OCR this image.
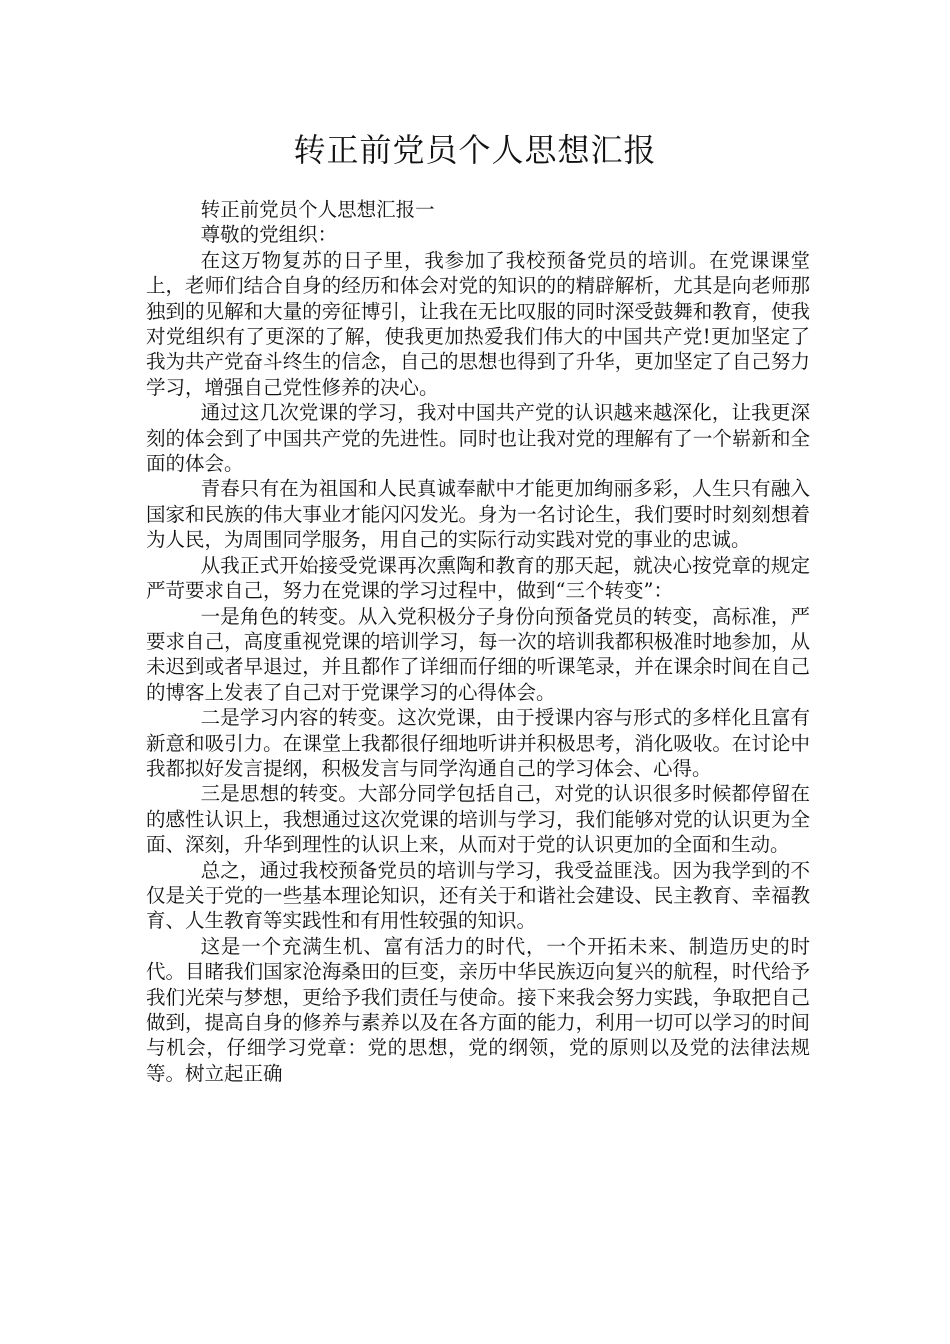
转正前党员个人思想汇报

转正前党员个人思想汇报一

尊敬的党组织：

在这万物复苏的日子里，我参加了我校预备党员的培训。在党课课堂上，老师们结合自身的经历和体会对党的知识的的精辟解析，尤其是向老师那独到的见解和大量的旁征博引，让我在无比叹服的同时深受鼓舞和教育，使我对党组织有了更深的了解，使我更加热爱我们伟大的中国共产党!更加坚定了我为共产党奋斗终生的信念，自己的思想也得到了升华，更加坚定了自己努力学习，增强自己党性修养的决心。

通过这几次党课的学习，我对中国共产党的认识越来越深化，让我更深刻的体会到了中国共产党的先进性。同时也让我对党的理解有了一个崭新和全面的体会。

青春只有在为祖国和人民真诚奉献中才能更加绚丽多彩，人生只有融入国家和民族的伟大事业才能闪闪发光。身为一名讨论生，我们要时时刻刻想着为人民，为周围同学服务，用自己的实际行动实践对党的事业的忠诚。

从我正式开始接受党课再次熏陶和教育的那天起，就决心按党章的规定严苛要求自己，努力在党课的学习过程中，做到“三个转变”：

一是角色的转变。从入党积极分子身份向预备党员的转变，高标准，严要求自己，高度重视党课的培训学习，每一次的培训我都积极准时地参加，从未迟到或者早退过，并且都作了详细而仔细的听课笔录，并在课余时间在自己的博客上发表了自己对于党课学习的心得体会。

二是学习内容的转变。这次党课，由于授课内容与形式的多样化且富有新意和吸引力。在课堂上我都很仔细地听讲并积极思考，消化吸收。在讨论中我都拟好发言提纲，积极发言与同学沟通自己的学习体会、心得。

三是思想的转变。大部分同学包括自己，对党的认识很多时候都停留在的感性认识上，我想通过这次党课的培训与学习，我们能够对党的认识更为全面、深刻，升华到理性的认识上来，从而对于党的认识更加的全面和生动。

总之，通过我校预备党员的培训与学习，我受益匪浅。因为我学到的不仅是关于党的一些基本理论知识，还有关于和谐社会建设、民主教育、幸福教育、人生教育等实践性和有用性较强的知识。

这是一个充满生机、富有活力的时代，一个开拓未来、制造历史的时代。目睹我们国家沧海桑田的巨变，亲历中华民族迈向复兴的航程，时代给予我们光荣与梦想，更给予我们责任与使命。接下来我会努力实践，争取把自己做到，提高自身的修养与素养以及在各方面的能力，利用一切可以学习的时间与机会，仔细学习党章：党的思想，党的纲领，党的原则以及党的法律法规等。树立起正确
